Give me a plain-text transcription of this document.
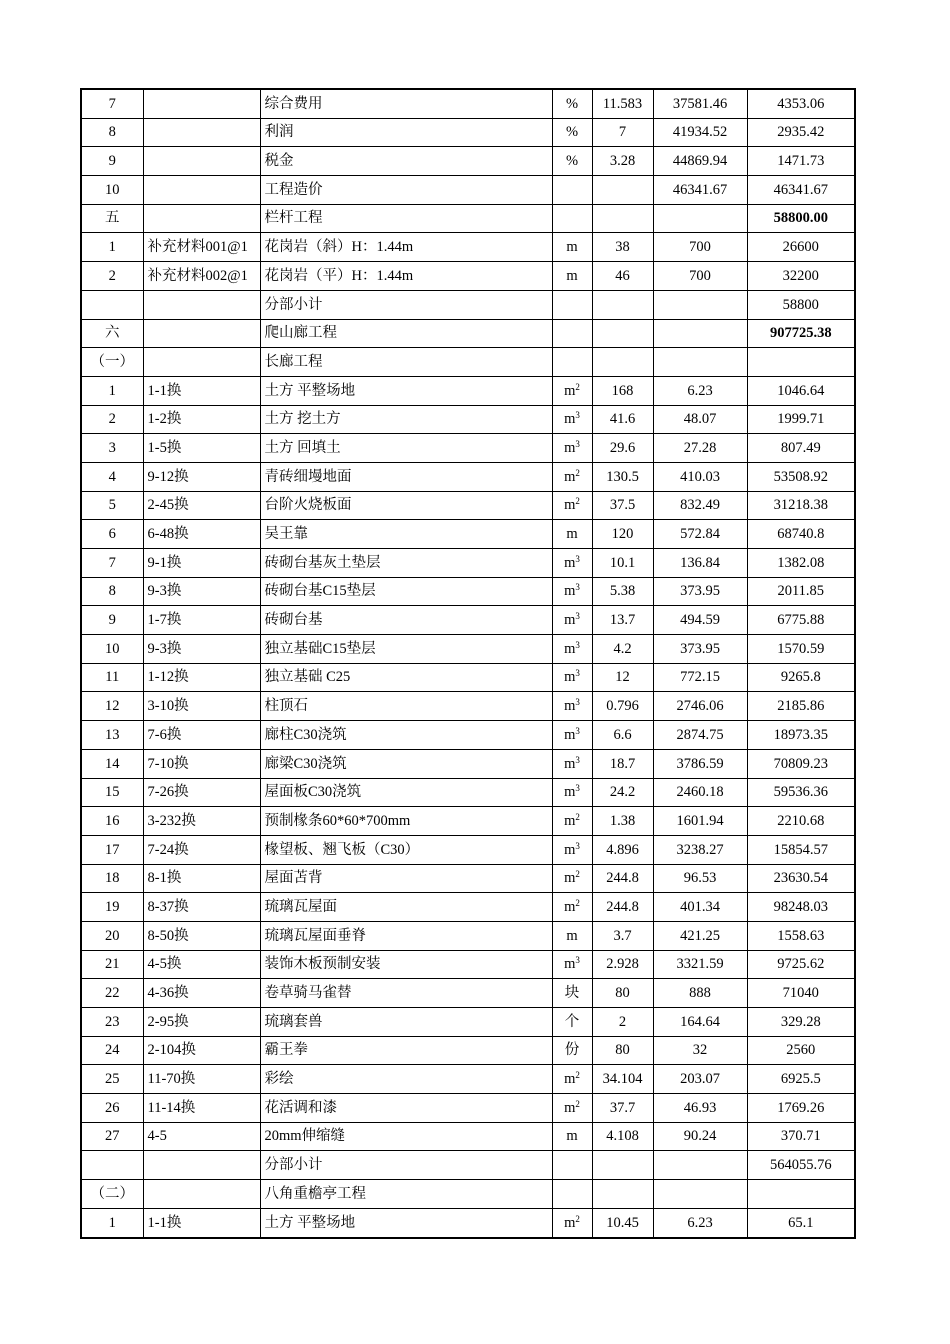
7		综合费用	%	11.583	37581.46	4353.06
8		利润	%	7	41934.52	2935.42
9		税金	%	3.28	44869.94	1471.73
10		工程造价			46341.67	46341.67
五		栏杆工程				58800.00
1	补充材料001@1	花岗岩（斜）H：1.44m	m	38	700	26600
2	补充材料002@1	花岗岩（平）H：1.44m	m	46	700	32200
		分部小计				58800
六		爬山廊工程				907725.38
（一）		长廊工程				
1	1-1换	土方 平整场地	$m^2$	168	6.23	1046.64
2	1-2换	土方 挖土方	$m^3$	41.6	48.07	1999.71
3	1-5换	土方 回填土	$m^3$	29.6	27.28	807.49
4	9-12换	青砖细墁地面	$m^2$	130.5	410.03	53508.92
5	2-45换	台阶火烧板面	$m^2$	37.5	832.49	31218.38
6	6-48换	吴王靠	m	120	572.84	68740.8
7	9-1换	砖砌台基灰土垫层	$m^3$	10.1	136.84	1382.08
8	9-3换	砖砌台基C15垫层	$m^3$	5.38	373.95	2011.85
9	1-7换	砖砌台基	$m^3$	13.7	494.59	6775.88
10	9-3换	独立基础C15垫层	$m^3$	4.2	373.95	1570.59
11	1-12换	独立基础 C25	$m^3$	12	772.15	9265.8
12	3-10换	柱顶石	$m^3$	0.796	2746.06	2185.86
13	7-6换	廊柱C30浇筑	$m^3$	6.6	2874.75	18973.35
14	7-10换	廊梁C30浇筑	$m^3$	18.7	3786.59	70809.23
15	7-26换	屋面板C30浇筑	$m^3$	24.2	2460.18	59536.36
16	3-232换	预制椽条60*60*700mm	$m^2$	1.38	1601.94	2210.68
17	7-24换	椽望板、翘飞板（C30）	$m^3$	4.896	3238.27	15854.57
18	8-1换	屋面苫背	$m^2$	244.8	96.53	23630.54
19	8-37换	琉璃瓦屋面	$m^2$	244.8	401.34	98248.03
20	8-50换	琉璃瓦屋面垂脊	m	3.7	421.25	1558.63
21	4-5换	装饰木板预制安装	$m^3$	2.928	3321.59	9725.62
22	4-36换	卷草骑马雀替	块	80	888	71040
23	2-95换	琉璃套兽	个	2	164.64	329.28
24	2-104换	霸王拳	份	80	32	2560
25	11-70换	彩绘	$m^2$	34.104	203.07	6925.5
26	11-14换	花活调和漆	$m^2$	37.7	46.93	1769.26
27	4-5	20mm伸缩缝	m	4.108	90.24	370.71
		分部小计				564055.76
（二）		八角重檐亭工程				
1	1-1换	土方 平整场地	$m^2$	10.45	6.23	65.1
